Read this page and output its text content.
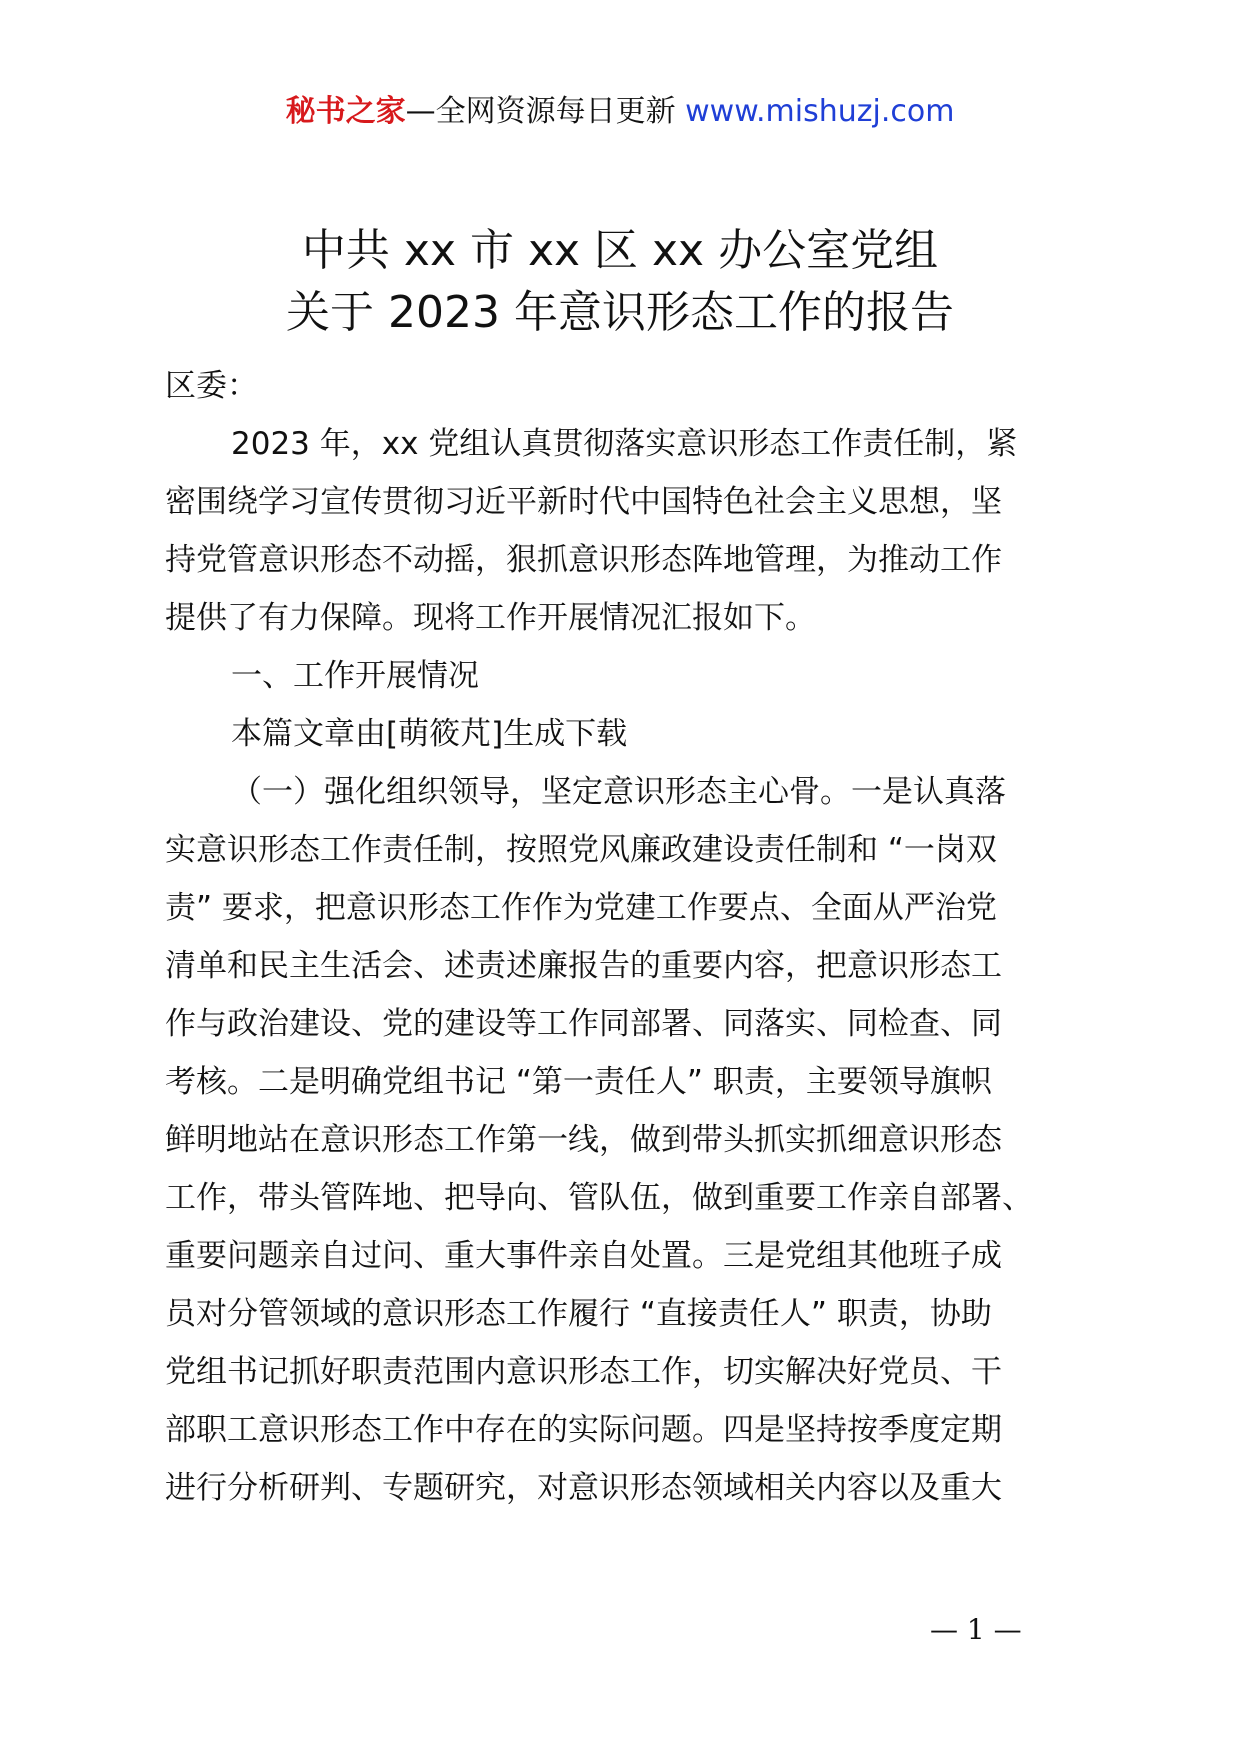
秘书之家—全网资源每日更新 www.mishuzj.com
中共 xx 市 xx 区 xx 办公室党组
关于 2023 年意识形态工作的报告
区委：
2023 年，xx 党组认真贯彻落实意识形态工作责任制，紧
密围绕学习宣传贯彻习近平新时代中国特色社会主义思想，坚
持党管意识形态不动摇，狠抓意识形态阵地管理，为推动工作
提供了有力保障。现将工作开展情况汇报如下。
一、工作开展情况
本篇文章由[萌筱芃]生成下载
（一）强化组织领导，坚定意识形态主心骨。一是认真落
实意识形态工作责任制，按照党风廉政建设责任制和 “一岗双
责” 要求，把意识形态工作作为党建工作要点、全面从严治党
清单和民主生活会、述责述廉报告的重要内容，把意识形态工
作与政治建设、党的建设等工作同部署、同落实、同检查、同
考核。二是明确党组书记 “第一责任人” 职责，主要领导旗帜
鲜明地站在意识形态工作第一线，做到带头抓实抓细意识形态
工作，带头管阵地、把导向、管队伍，做到重要工作亲自部署、
重要问题亲自过问、重大事件亲自处置。三是党组其他班子成
员对分管领域的意识形态工作履行 “直接责任人” 职责，协助
党组书记抓好职责范围内意识形态工作，切实解决好党员、干
部职工意识形态工作中存在的实际问题。四是坚持按季度定期
进行分析研判、专题研究，对意识形态领域相关内容以及重大
— 1 —
